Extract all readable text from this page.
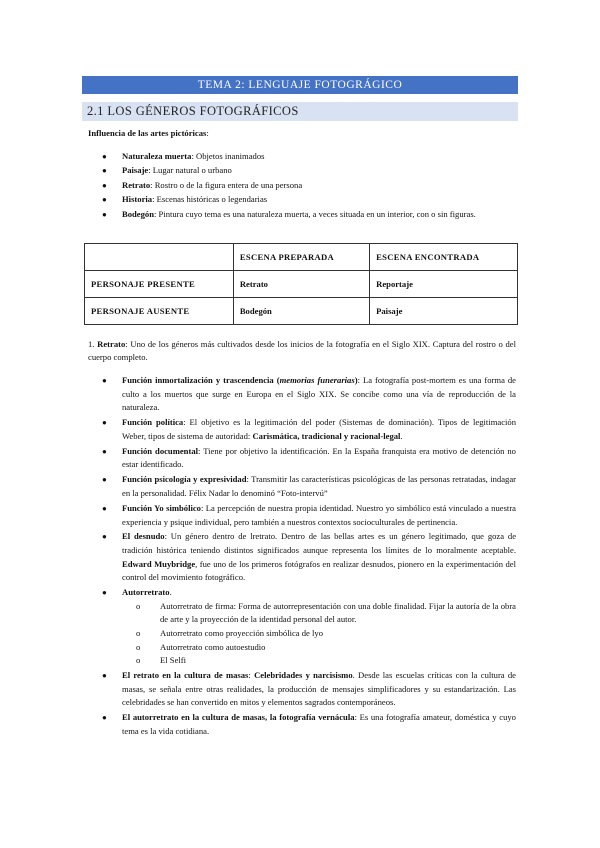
TEMA 2: LENGUAJE FOTOGRÁGICO
2.1 LOS GÉNEROS FOTOGRÁFICOS
Influencia de las artes pictóricas:
● Naturaleza muerta: Objetos inanimados
● Paisaje: Lugar natural o urbano
● Retrato: Rostro o de la figura entera de una persona
● Historia: Escenas históricas o legendarias
● Bodegón: Pintura cuyo tema es una naturaleza muerta, a veces situada en un interior, con o sin figuras.
	ESCENA PREPARADA	ESCENA ENCONTRADA
PERSONAJE PRESENTE	Retrato	Reportaje
PERSONAJE AUSENTE	Bodegón	Paisaje
1. Retrato: Uno de los géneros más cultivados desde los inicios de la fotografía en el Siglo XIX. Captura del rostro o del cuerpo completo.
● Función inmortalización y trascendencia (memorias funerarias): La fotografía post-mortem es una forma de culto a los muertos que surge en Europa en el Siglo XIX. Se concibe como una vía de reproducción de la naturaleza.
● Función política: El objetivo es la legitimación del poder (Sistemas de dominación). Tipos de legitimación Weber, tipos de sistema de autoridad: Carismática, tradicional y racional-legal.
● Función documental: Tiene por objetivo la identificación. En la España franquista era motivo de detención no estar identificado.
● Función psicología y expresividad: Transmitir las características psicológicas de las personas retratadas, indagar en la personalidad. Félix Nadar lo denominó “Foto-intervú”
● Función Yo simbólico: La percepción de nuestra propia identidad. Nuestro yo simbólico está vinculado a nuestra experiencia y psique individual, pero también a nuestros contextos socioculturales de pertinencia.
● El desnudo: Un género dentro de lretrato. Dentro de las bellas artes es un género legitimado, que goza de tradición histórica teniendo distintos significados aunque representa los límites de lo moralmente aceptable. Edward Muybridge, fue uno de los primeros fotógrafos en realizar desnudos, pionero en la experimentación del control del movimiento fotográfico.
● Autorretrato.
o Autorretrato de firma: Forma de autorrepresentación con una doble finalidad. Fijar la autoría de la obra de arte y la proyección de la identidad personal del autor.
o Autorretrato como proyección simbólica de lyo
o Autorretrato como autoestudio
o El Selfi
● El retrato en la cultura de masas: Celebridades y narcisismo. Desde las escuelas críticas con la cultura de masas, se señala entre otras realidades, la producción de mensajes simplificadores y su estandarización. Las celebridades se han convertido en mitos y elementos sagrados contemporáneos.
● El autorretrato en la cultura de masas, la fotografía vernácula: Es una fotografía amateur, doméstica y cuyo tema es la vida cotidiana.
